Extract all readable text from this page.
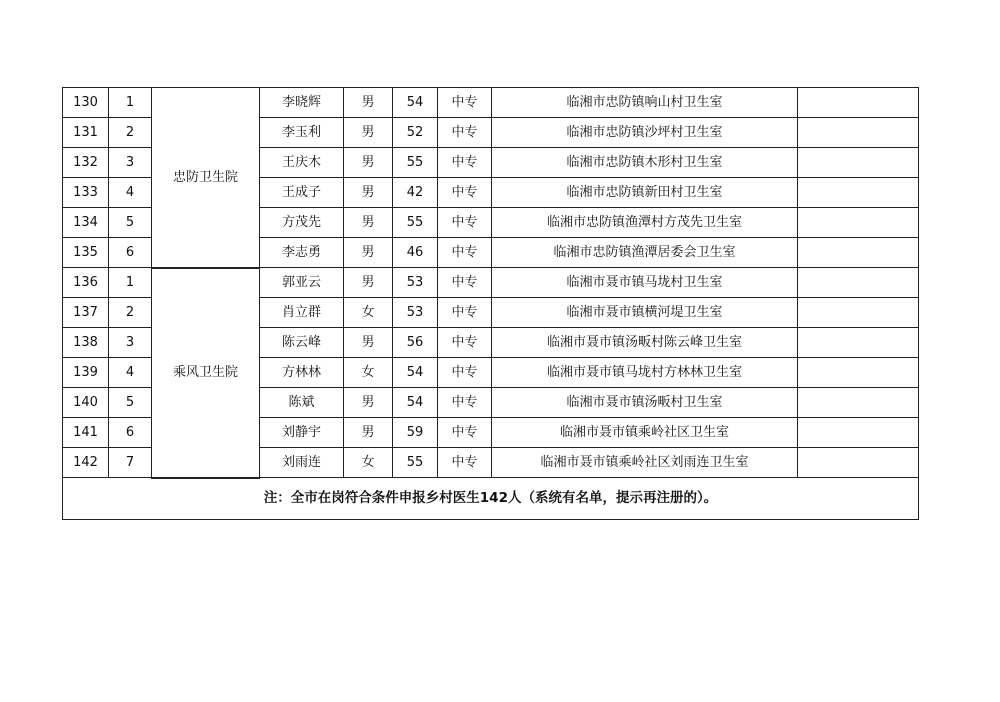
130	1	忠防卫生院	李晓辉	男	54	中专	临湘市忠防镇响山村卫生室	
131	2		李玉利	男	52	中专	临湘市忠防镇沙坪村卫生室	
132	3		王庆木	男	55	中专	临湘市忠防镇木形村卫生室	
133	4		王成子	男	42	中专	临湘市忠防镇新田村卫生室	
134	5		方茂先	男	55	中专	临湘市忠防镇渔潭村方茂先卫生室	
135	6		李志勇	男	46	中专	临湘市忠防镇渔潭居委会卫生室	
136	1	乘风卫生院	郭亚云	男	53	中专	临湘市聂市镇马垅村卫生室	
137	2		肖立群	女	53	中专	临湘市聂市镇横河堤卫生室	
138	3		陈云峰	男	56	中专	临湘市聂市镇汤畈村陈云峰卫生室	
139	4		方林林	女	54	中专	临湘市聂市镇马垅村方林林卫生室	
140	5		陈斌	男	54	中专	临湘市聂市镇汤畈村卫生室	
141	6		刘静宇	男	59	中专	临湘市聂市镇乘岭社区卫生室	
142	7		刘雨连	女	55	中专	临湘市聂市镇乘岭社区刘雨连卫生室	
注：全市在岗符合条件申报乡村医生142人（系统有名单，提示再注册的）。								
